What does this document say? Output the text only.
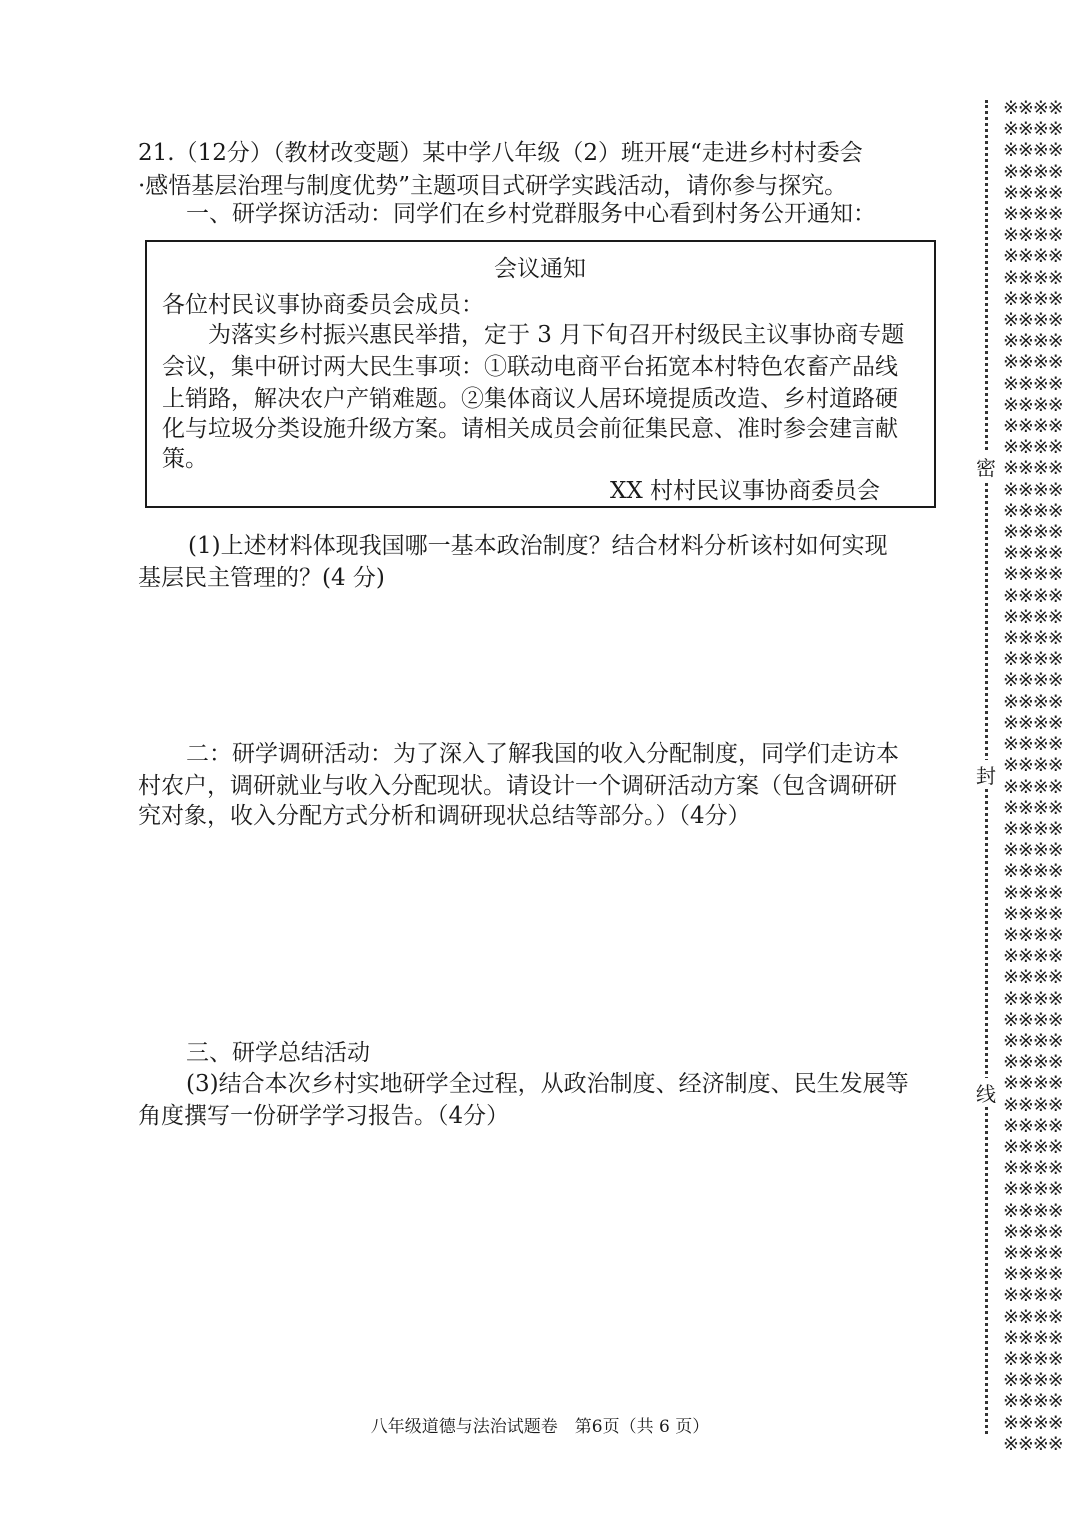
21.（12分）（教材改变题）某中学八年级（2）班开展“走进乡村村委会
·感悟基层治理与制度优势”主题项目式研学实践活动，请你参与探究。
一、研学探访活动：同学们在乡村党群服务中心看到村务公开通知：
会议通知
各位村民议事协商委员会成员：
为落实乡村振兴惠民举措，定于 3 月下旬召开村级民主议事协商专题
会议，集中研讨两大民生事项：①联动电商平台拓宽本村特色农畜产品线
上销路，解决农户产销难题。②集体商议人居环境提质改造、乡村道路硬
化与垃圾分类设施升级方案。请相关成员会前征集民意、准时参会建言献
策。
XX 村村民议事协商委员会
(1)上述材料体现我国哪一基本政治制度？结合材料分析该村如何实现
基层民主管理的？(4 分)
二：研学调研活动：为了深入了解我国的收入分配制度，同学们走访本
村农户，调研就业与收入分配现状。请设计一个调研活动方案（包含调研研
究对象，收入分配方式分析和调研现状总结等部分。）（4分）
三、研学总结活动
(3)结合本次乡村实地研学全过程，从政治制度、经济制度、民生发展等
角度撰写一份研学学习报告。（4分）
八年级道德与法治试题卷　第6页（共 6 页）
※※※※
※※※※
※※※※
※※※※
※※※※
※※※※
※※※※
※※※※
※※※※
※※※※
※※※※
※※※※
※※※※
※※※※
※※※※
※※※※
※※※※
※※※※
※※※※
※※※※
※※※※
※※※※
※※※※
※※※※
※※※※
※※※※
※※※※
※※※※
※※※※
※※※※
※※※※
※※※※
※※※※
※※※※
※※※※
※※※※
※※※※
※※※※
※※※※
※※※※
※※※※
※※※※
※※※※
※※※※
※※※※
※※※※
※※※※
※※※※
※※※※
※※※※
※※※※
※※※※
※※※※
※※※※
※※※※
※※※※
※※※※
※※※※
※※※※
※※※※
※※※※
※※※※
※※※※
※※※※
密
封
线
